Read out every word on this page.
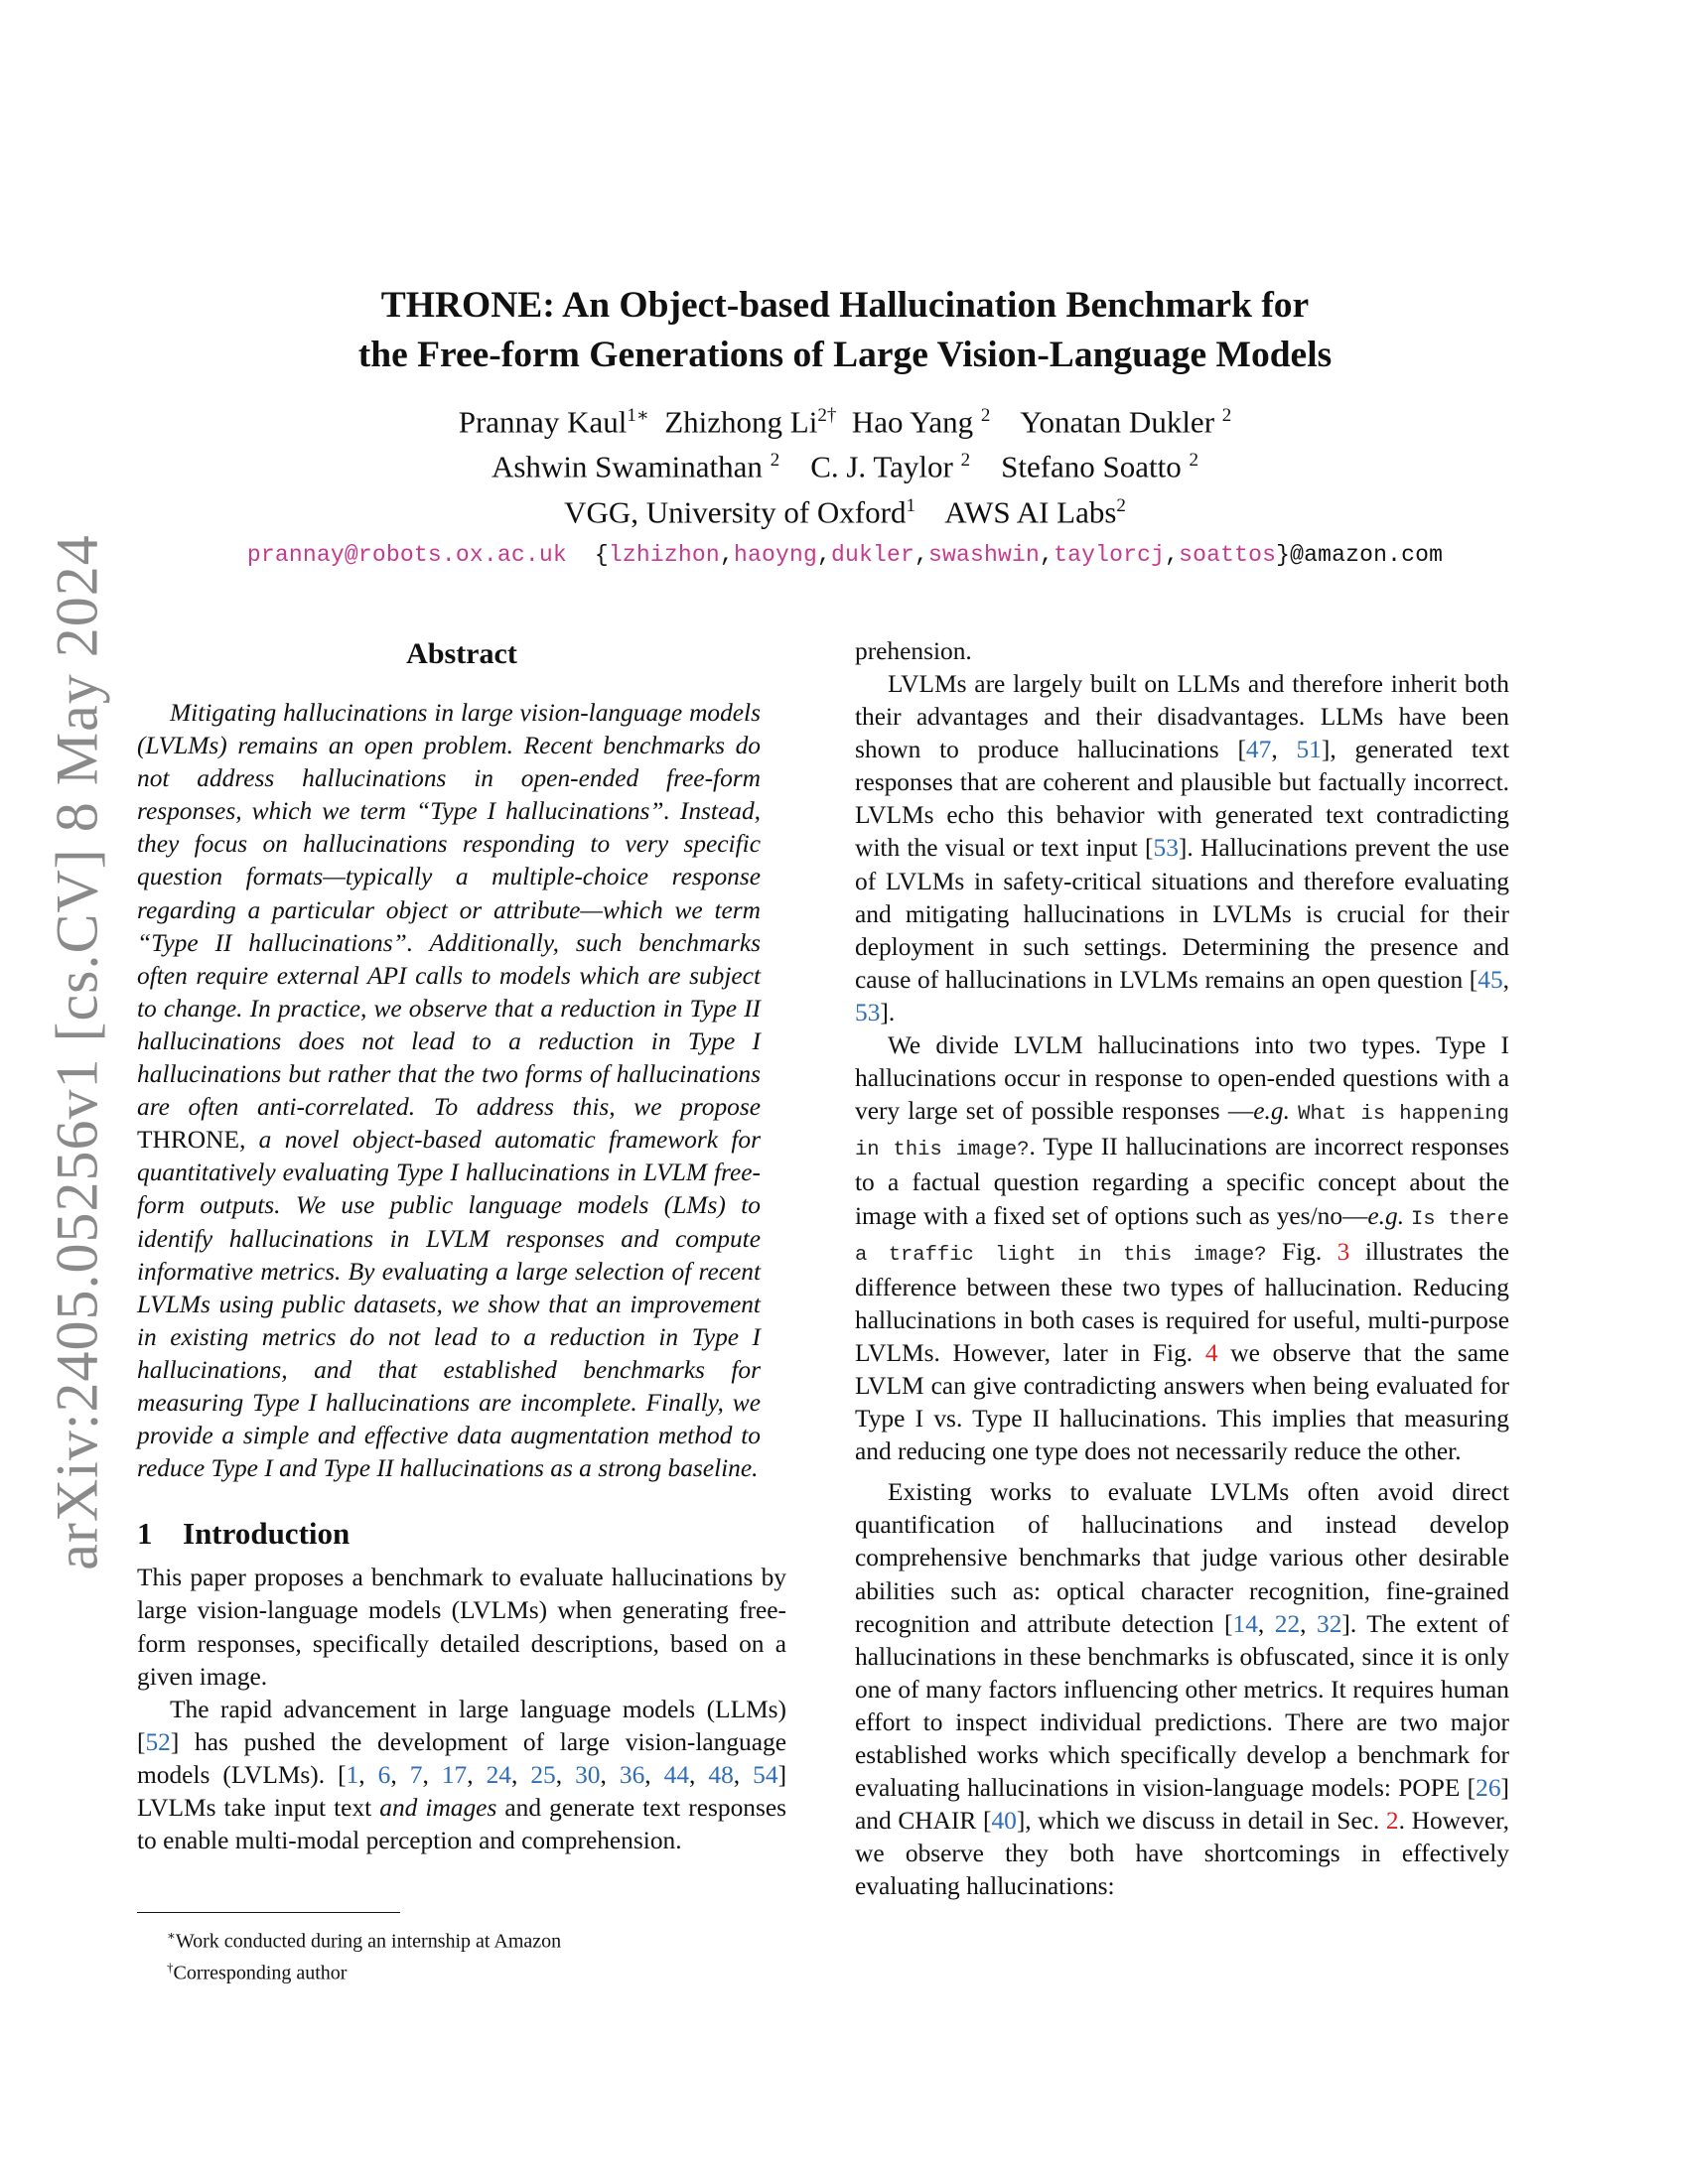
arXiv:2405.05256v1 [cs.CV] 8 May 2024
THRONE: An Object-based Hallucination Benchmark for
the Free-form Generations of Large Vision-Language Models
Prannay Kaul$^{1∗}$ Zhizhong $Li^{2\dagger}$ Hao Yang $^2$ Yonatan Dukler $^2$
Ashwin Swaminathan $^2$ C. J. Taylor $^2$ Stefano Soatto $^2$
VGG, University of Oxford$^1$ AWS AI Labs$^2$
prannay@robots.ox.ac.uk {lzhizhon,haoyng,dukler,swashwin,taylorcj,soattos}@amazon.com
Abstract

Mitigating hallucinations in large vision-language models (LVLMs) remains an open problem. Recent benchmarks do not address hallucinations in open-ended free-form responses, which we term “Type I hallucinations”. Instead, they focus on hallucinations responding to very specific question formats—typically a multiple-choice response regarding a particular object or attribute—which we term “Type II hallucinations”. Additionally, such benchmarks often require external API calls to models which are subject to change. In practice, we observe that a reduction in Type II hallucinations does not lead to a reduction in Type I hallucinations but rather that the two forms of hallucinations are often anti-correlated. To address this, we propose THRONE, a novel object-based automatic framework for quantitatively evaluating Type I hallucinations in LVLM free-form outputs. We use public language models (LMs) to identify hallucinations in LVLM responses and compute informative metrics. By evaluating a large selection of recent LVLMs using public datasets, we show that an improvement in existing metrics do not lead to a reduction in Type I hallucinations, and that established benchmarks for measuring Type I hallucinations are incomplete. Finally, we provide a simple and effective data augmentation method to reduce Type I and Type II hallucinations as a strong baseline.

1 Introduction

This paper proposes a benchmark to evaluate hallucinations by large vision-language models (LVLMs) when generating free-form responses, specifically detailed descriptions, based on a given image.

The rapid advancement in large language models (LLMs) [52] has pushed the development of large vision-language models (LVLMs). [1, 6, 7, 17, 24, 25, 30, 36, 44, 48, 54] LVLMs take input text and images and generate text responses to enable multi-modal perception and comprehension.

prehension.

LVLMs are largely built on LLMs and therefore inherit both their advantages and their disadvantages. LLMs have been shown to produce hallucinations [47, 51], generated text responses that are coherent and plausible but factually incorrect. LVLMs echo this behavior with generated text contradicting with the visual or text input [53]. Hallucinations prevent the use of LVLMs in safety-critical situations and therefore evaluating and mitigating hallucinations in LVLMs is crucial for their deployment in such settings. Determining the presence and cause of hallucinations in LVLMs remains an open question [45, 53].

We divide LVLM hallucinations into two types. Type I hallucinations occur in response to open-ended questions with a very large set of possible responses —e.g. What is happening in this image?. Type II hallucinations are incorrect responses to a factual question regarding a specific concept about the image with a fixed set of options such as yes/no—e.g. Is there a traffic light in this image? Fig. 3 illustrates the difference between these two types of hallucination. Reducing hallucinations in both cases is required for useful, multi-purpose LVLMs. However, later in Fig. 4 we observe that the same LVLM can give contradicting answers when being evaluated for Type I vs. Type II hallucinations. This implies that measuring and reducing one type does not necessarily reduce the other.

Existing works to evaluate LVLMs often avoid direct quantification of hallucinations and instead develop comprehensive benchmarks that judge various other desirable abilities such as: optical character recognition, fine-grained recognition and attribute detection [14, 22, 32]. The extent of hallucinations in these benchmarks is obfuscated, since it is only one of many factors influencing other metrics. It requires human effort to inspect individual predictions. There are two major established works which specifically develop a benchmark for evaluating hallucinations in vision-language models: POPE [26] and CHAIR [40], which we discuss in detail in Sec. 2. However, we observe they both have shortcomings in effectively evaluating hallucinations:

∗Work conducted during an internship at Amazon
†Corresponding author
